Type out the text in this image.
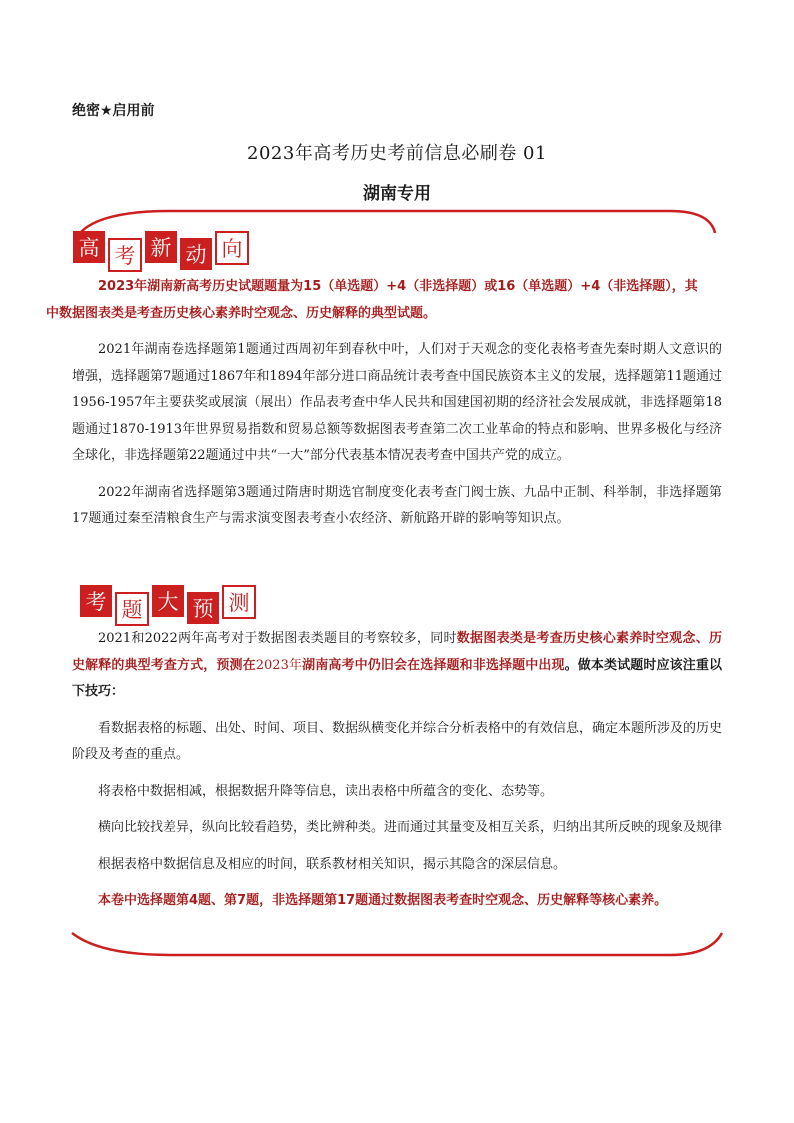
绝密★启用前
2023年高考历史考前信息必刷卷 01
湖南专用
高 考 新 动 向

2023年湖南新高考历史试题题量为15（单选题）+4（非选择题）或16（单选题）+4（非选择题），其
中数据图表类是考查历史核心素养时空观念、历史解释的典型试题。

2021年湖南卷选择题第1题通过西周初年到春秋中叶，人们对于天观念的变化表格考查先秦时期人文意识的增强，选择题第7题通过1867年和1894年部分进口商品统计表考查中国民族资本主义的发展，选择题第11题通过1956-1957年主要获奖或展演（展出）作品表考查中华人民共和国建国初期的经济社会发展成就，非选择题第18题通过1870-1913年世界贸易指数和贸易总额等数据图表考查第二次工业革命的特点和影响、世界多极化与经济全球化，非选择题第22题通过中共“一大”部分代表基本情况表考查中国共产党的成立。

2022年湖南省选择题第3题通过隋唐时期选官制度变化表考查门阀士族、九品中正制、科举制，非选择题第17题通过秦至清粮食生产与需求演变图表考查小农经济、新航路开辟的影响等知识点。

考 题 大 预 测

2021和2022两年高考对于数据图表类题目的考察较多，同时数据图表类是考查历史核心素养时空观念、历史解释的典型考查方式，预测在2023年湖南高考中仍旧会在选择题和非选择题中出现。做本类试题时应该注重以下技巧：

看数据表格的标题、出处、时间、项目、数据纵横变化并综合分析表格中的有效信息，确定本题所涉及的历史阶段及考查的重点。

将表格中数据相减，根据数据升降等信息，读出表格中所蕴含的变化、态势等。

横向比较找差异，纵向比较看趋势，类比辨种类。进而通过其量变及相互关系，归纳出其所反映的现象及规律

根据表格中数据信息及相应的时间，联系教材相关知识，揭示其隐含的深层信息。

本卷中选择题第4题、第7题，非选择题第17题通过数据图表考查时空观念、历史解释等核心素养。
